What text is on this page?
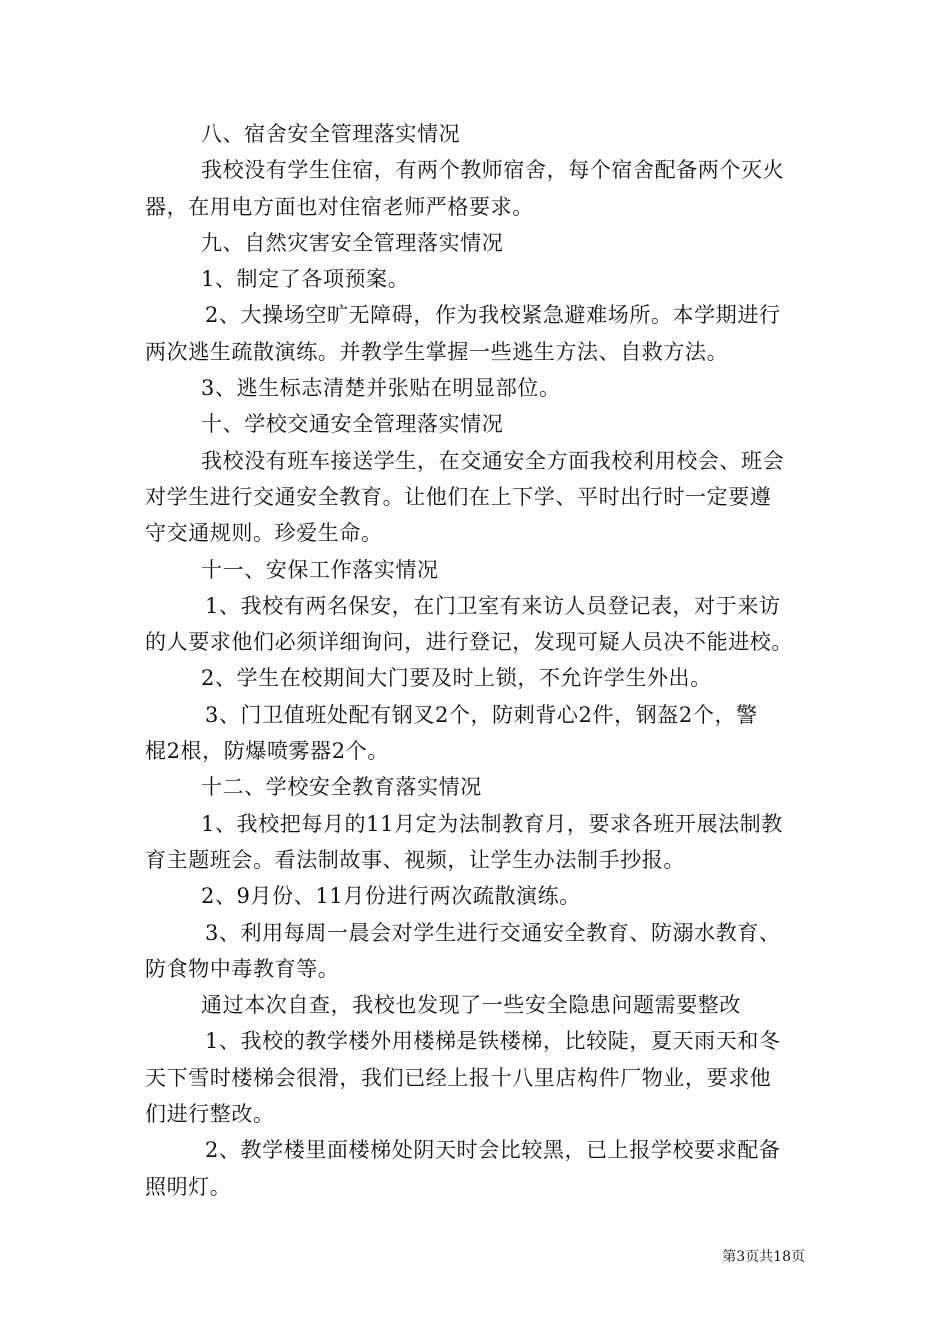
八、宿舍安全管理落实情况
我校没有学生住宿，有两个教师宿舍，每个宿舍配备两个灭火
器，在用电方面也对住宿老师严格要求。
九、自然灾害安全管理落实情况
1、制定了各项预案。
2、大操场空旷无障碍，作为我校紧急避难场所。本学期进行
两次逃生疏散演练。并教学生掌握一些逃生方法、自救方法。
3、逃生标志清楚并张贴在明显部位。
十、学校交通安全管理落实情况
我校没有班车接送学生，在交通安全方面我校利用校会、班会
对学生进行交通安全教育。让他们在上下学、平时出行时一定要遵
守交通规则。珍爱生命。
十一、安保工作落实情况
1、我校有两名保安，在门卫室有来访人员登记表，对于来访
的人要求他们必须详细询问，进行登记，发现可疑人员决不能进校。
2、学生在校期间大门要及时上锁，不允许学生外出。
3、门卫值班处配有钢叉2个，防刺背心2件，钢盔2个，警
棍2根，防爆喷雾器2个。
十二、学校安全教育落实情况
1、我校把每月的11月定为法制教育月，要求各班开展法制教
育主题班会。看法制故事、视频，让学生办法制手抄报。
2、9月份、11月份进行两次疏散演练。
3、利用每周一晨会对学生进行交通安全教育、防溺水教育、
防食物中毒教育等。
通过本次自查，我校也发现了一些安全隐患问题需要整改
1、我校的教学楼外用楼梯是铁楼梯，比较陡，夏天雨天和冬
天下雪时楼梯会很滑，我们已经上报十八里店构件厂物业，要求他
们进行整改。
2、教学楼里面楼梯处阴天时会比较黑，已上报学校要求配备
照明灯。
第3页共18页
